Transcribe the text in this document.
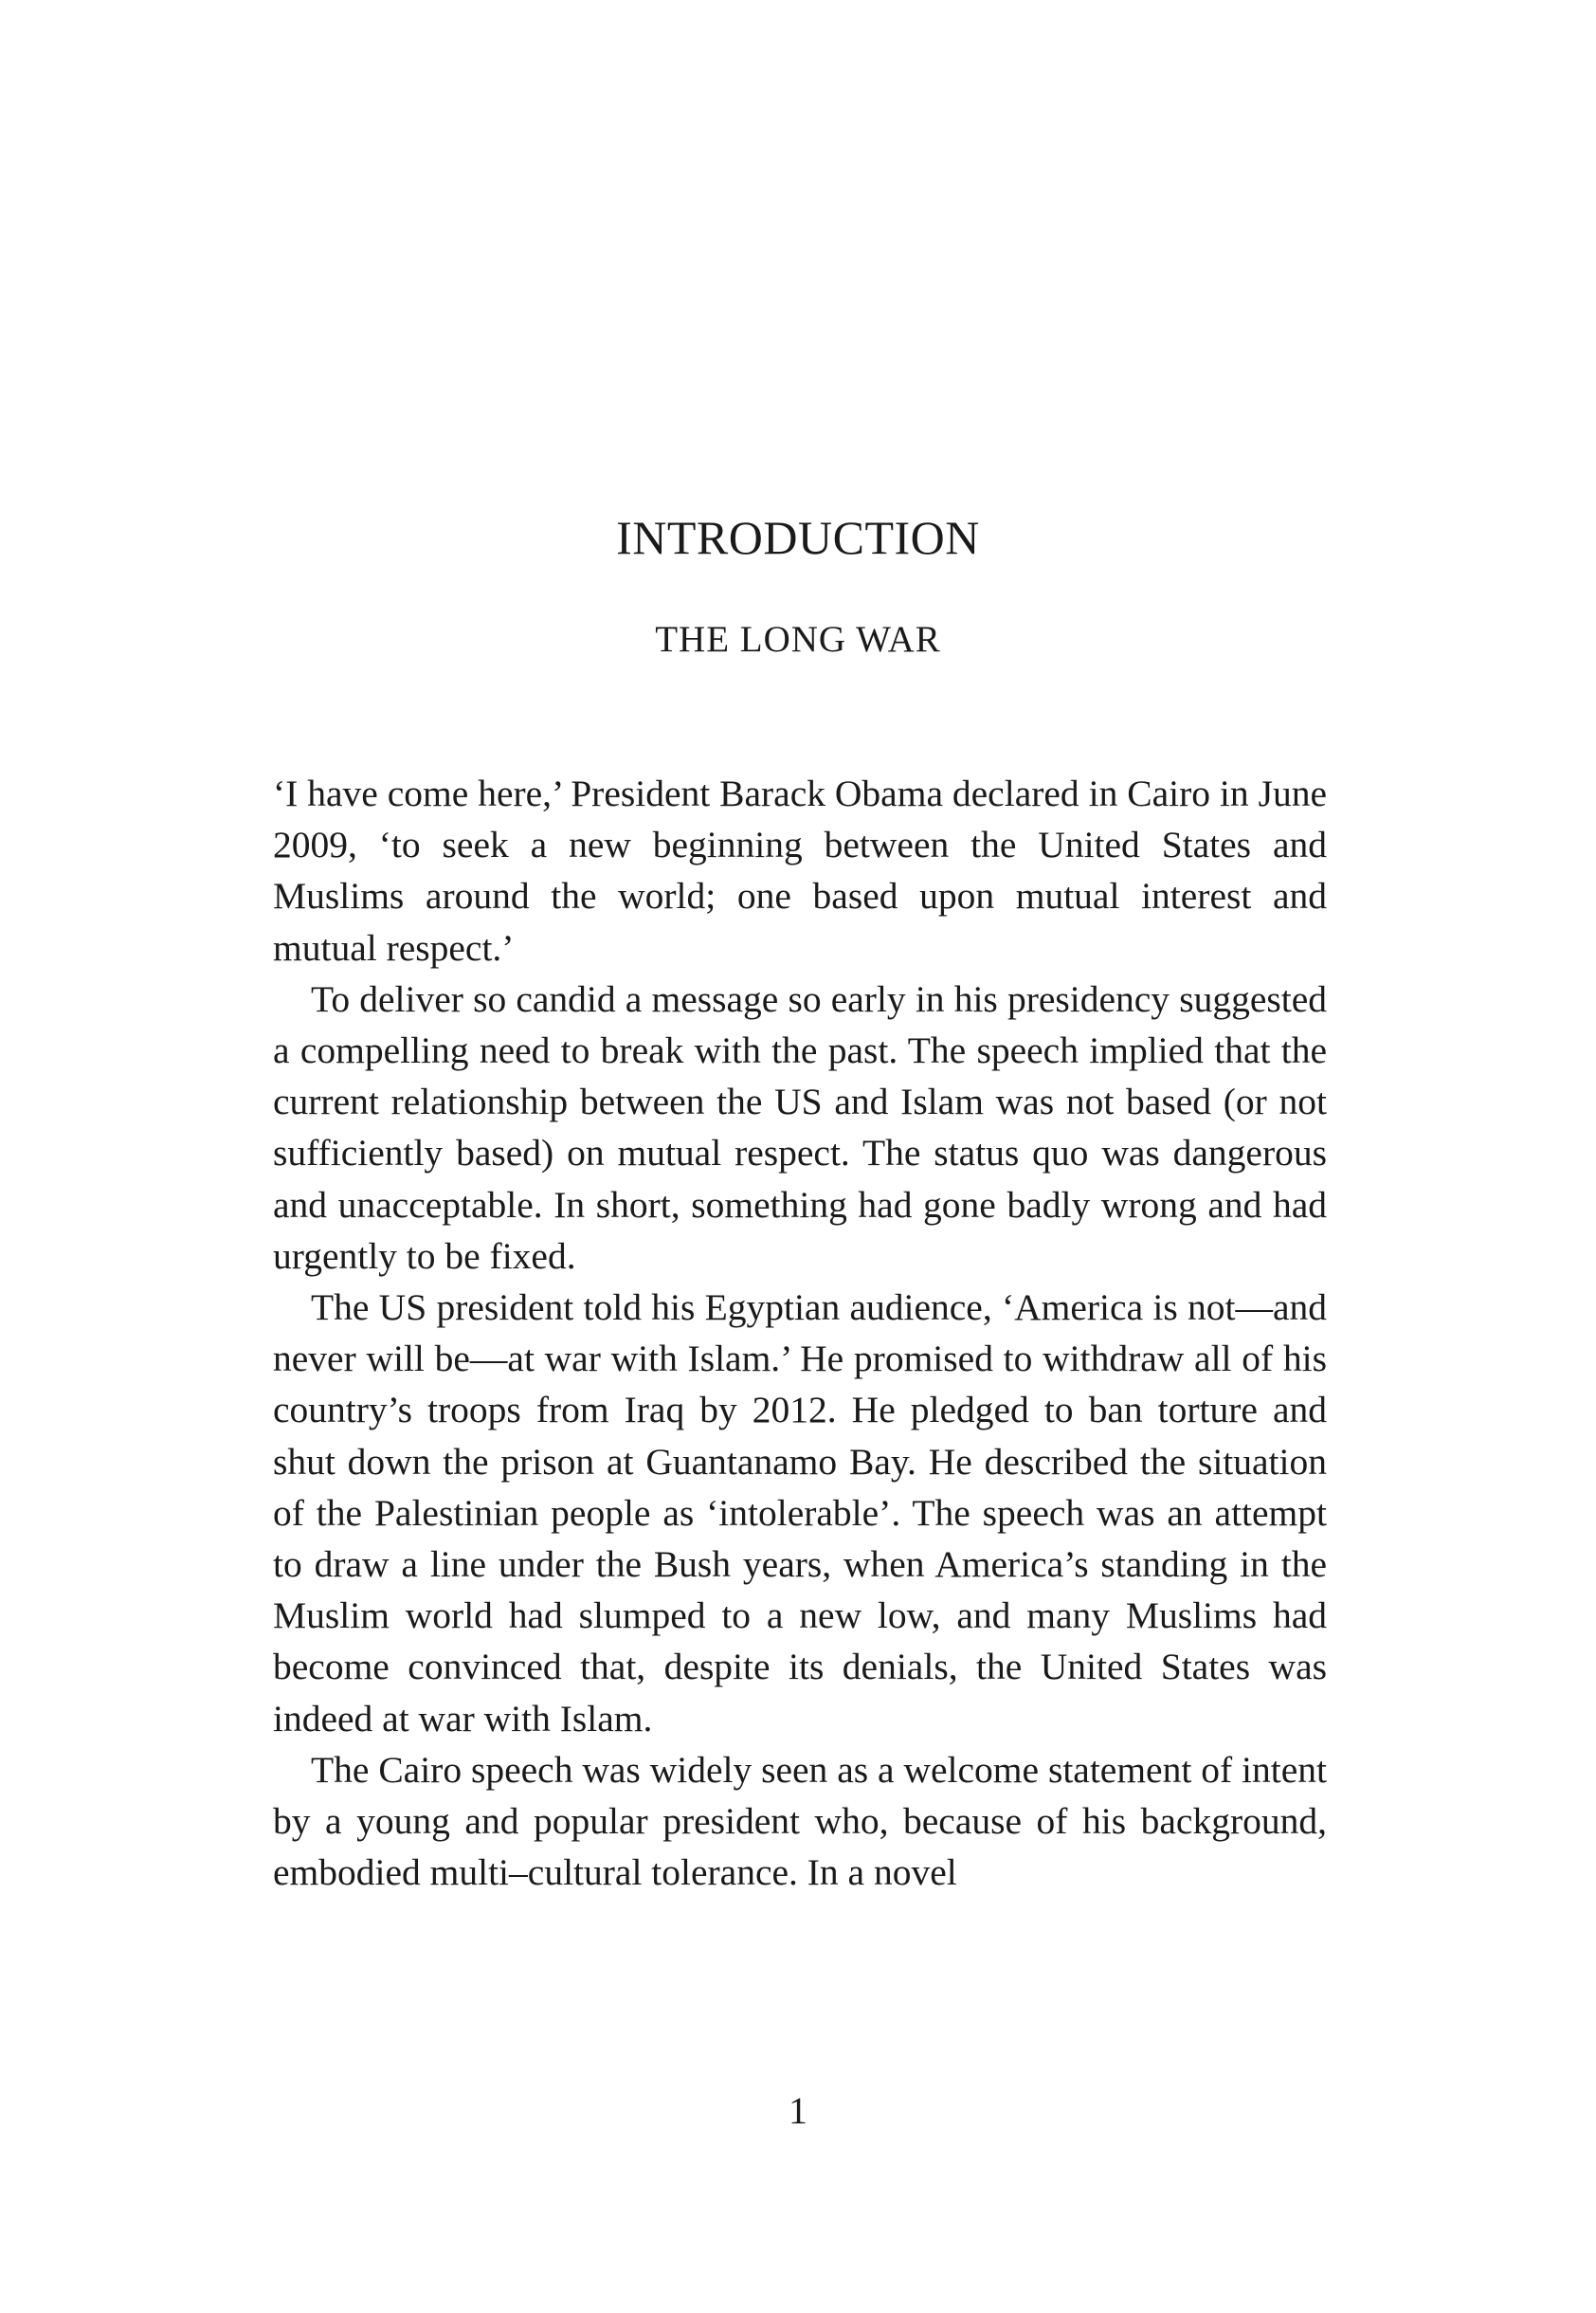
INTRODUCTION
THE LONG WAR

‘I have come here,’ President Barack Obama declared in Cairo in June 2009, ‘to seek a new beginning between the United States and Muslims around the world; one based upon mutual interest and mutual respect.’

To deliver so candid a message so early in his presidency suggested a compelling need to break with the past. The speech implied that the current relationship between the US and Islam was not based (or not sufficiently based) on mutual respect. The status quo was dangerous and unacceptable. In short, something had gone badly wrong and had urgently to be fixed.

The US president told his Egyptian audience, ‘America is not—and never will be—at war with Islam.’ He promised to withdraw all of his country’s troops from Iraq by 2012. He pledged to ban torture and shut down the prison at Guantanamo Bay. He described the situation of the Palestinian people as ‘intolerable’. The speech was an attempt to draw a line under the Bush years, when America’s standing in the Muslim world had slumped to a new low, and many Muslims had become convinced that, despite its denials, the United States was indeed at war with Islam.

The Cairo speech was widely seen as a welcome statement of intent by a young and popular president who, because of his background, embodied multi–cultural tolerance. In a novel

1
